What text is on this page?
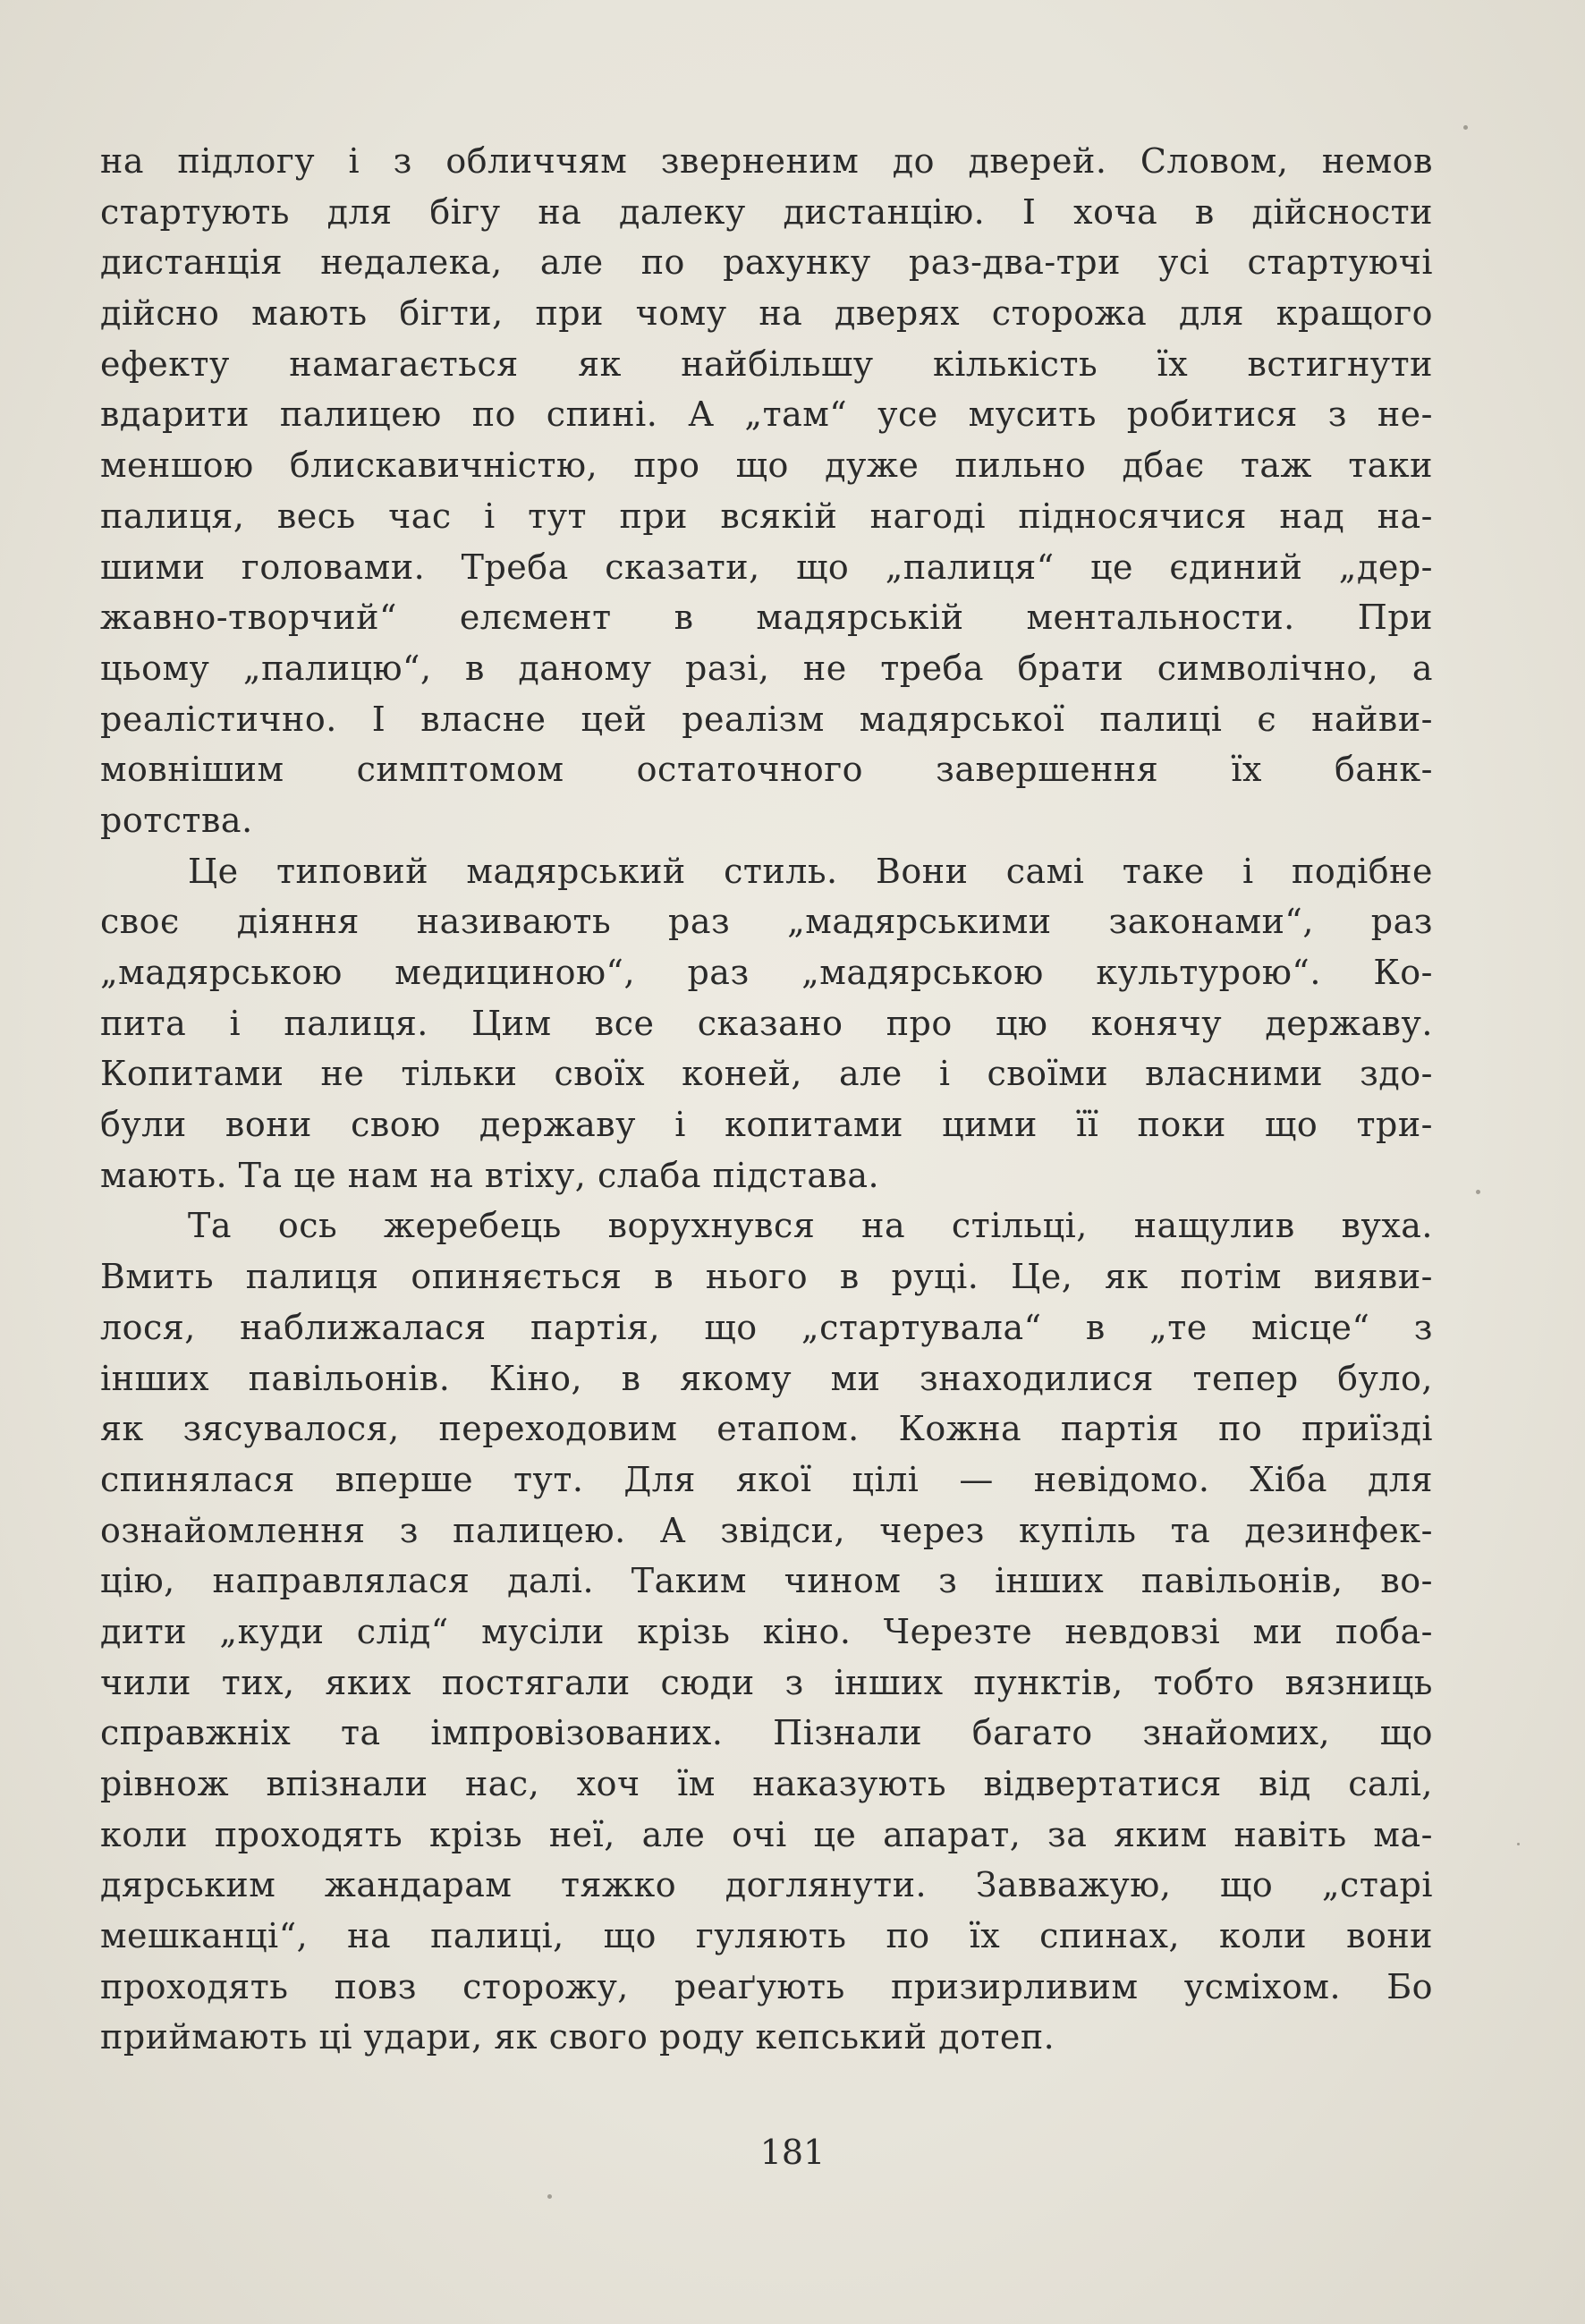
на підлогу і з обличчям зверненим до дверей. Словом, немов
стартують для бігу на далеку дистанцію. І хоча в дійсности
дистанція недалека, але по рахунку раз-два-три усі стартуючі
дійсно мають бігти, при чому на дверях сторожа для кращого
ефекту намагається як найбільшу кількість їх встигнути
вдарити палицею по спині. А „там“ усе мусить робитися з не-
меншою блискавичністю, про що дуже пильно дбає таж таки
палиця, весь час і тут при всякій нагоді підносячися над на-
шими головами. Треба сказати, що „палиця“ це єдиний „дер-
жавно-творчий“ елємент в мадярській ментальности. При
цьому „палицю“, в даному разі, не треба брати символічно, а
реалістично. І власне цей реалізм мадярської палиці є найви-
мовнішим симптомом остаточного завершення їх банк-
ротства.
Це типовий мадярський стиль. Вони самі таке і подібне
своє діяння називають раз „мадярськими законами“, раз
„мадярською медициною“, раз „мадярською культурою“. Ко-
пита і палиця. Цим все сказано про цю конячу державу.
Копитами не тільки своїх коней, але і своїми власними здо-
були вони свою державу і копитами цими її поки що три-
мають. Та це нам на втіху, слаба підстава.
Та ось жеребець ворухнувся на стільці, нащулив вуха.
Вмить палиця опиняється в нього в руці. Це, як потім вияви-
лося, наближалася партія, що „стартувала“ в „те місце“ з
інших павільонів. Кіно, в якому ми знаходилися тепер було,
як зясувалося, переходовим етапом. Кожна партія по приїзді
спинялася вперше тут. Для якої цілі — невідомо. Хіба для
ознайомлення з палицею. А звідси, через купіль та дезинфек-
цію, направлялася далі. Таким чином з інших павільонів, во-
дити „куди слід“ мусіли крізь кіно. Черезте невдовзі ми поба-
чили тих, яких постягали сюди з інших пунктів, тобто вязниць
справжніх та імпровізованих. Пізнали багато знайомих, що
рівнож впізнали нас, хоч їм наказують відвертатися від салі,
коли проходять крізь неї, але очі це апарат, за яким навіть ма-
дярським жандарам тяжко доглянути. Завважую, що „старі
мешканці“, на палиці, що гуляють по їх спинах, коли вони
проходять повз сторожу, реаґують призирливим усміхом. Бо
приймають ці удари, як свого роду кепський дотеп.
181
